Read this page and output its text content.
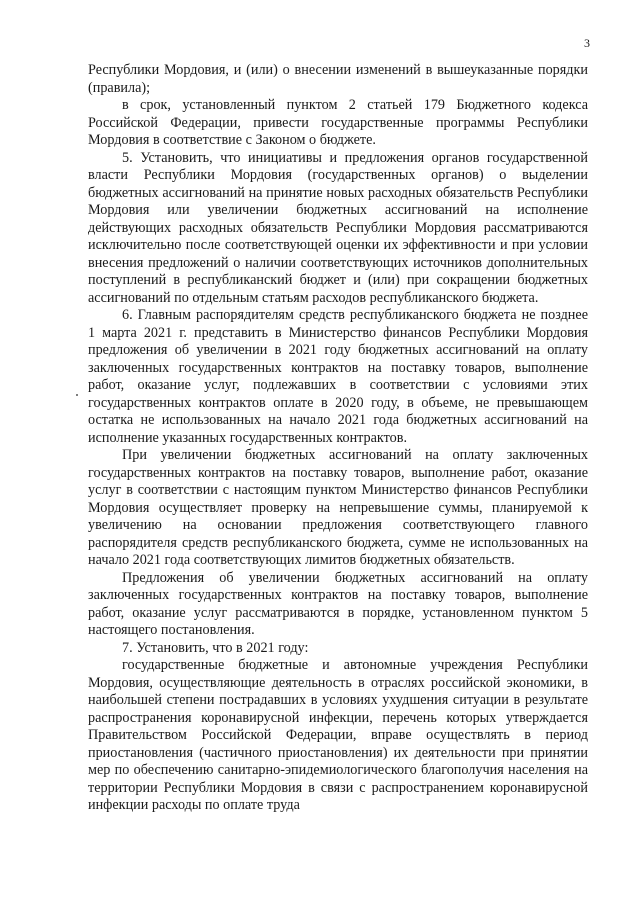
3

Республики Мордовия, и (или) о внесении изменений в вышеуказанные порядки (правила);

в срок, установленный пунктом 2 статьей 179 Бюджетного кодекса Российской Федерации, привести государственные программы Республики Мордовия в соответствие с Законом о бюджете.

5. Установить, что инициативы и предложения органов государственной власти Республики Мордовия (государственных органов) о выделении бюджетных ассигнований на принятие новых расходных обязательств Республики Мордовия или увеличении бюджетных ассигнований на исполнение действующих расходных обязательств Республики Мордовия рассматриваются исключительно после соответствующей оценки их эффективности и при условии внесения предложений о наличии соответствующих источников дополнительных поступлений в республиканский бюджет и (или) при сокращении бюджетных ассигнований по отдельным статьям расходов республиканского бюджета.

6. Главным распорядителям средств республиканского бюджета не позднее 1 марта 2021 г. представить в Министерство финансов Республики Мордовия предложения об увеличении в 2021 году бюджетных ассигнований на оплату заключенных государственных контрактов на поставку товаров, выполнение работ, оказание услуг, подлежавших в соответствии с условиями этих государственных контрактов оплате в 2020 году, в объеме, не превышающем остатка не использованных на начало 2021 года бюджетных ассигнований на исполнение указанных государственных контрактов.

При увеличении бюджетных ассигнований на оплату заключенных государственных контрактов на поставку товаров, выполнение работ, оказание услуг в соответствии с настоящим пунктом Министерство финансов Республики Мордовия осуществляет проверку на непревышение суммы, планируемой к увеличению на основании предложения соответствующего главного распорядителя средств республиканского бюджета, сумме не использованных на начало 2021 года соответствующих лимитов бюджетных обязательств.

Предложения об увеличении бюджетных ассигнований на оплату заключенных государственных контрактов на поставку товаров, выполнение работ, оказание услуг рассматриваются в порядке, установленном пунктом 5 настоящего постановления.

7. Установить, что в 2021 году:

государственные бюджетные и автономные учреждения Республики Мордовия, осуществляющие деятельность в отраслях российской экономики, в наибольшей степени пострадавших в условиях ухудшения ситуации в результате распространения коронавирусной инфекции, перечень которых утверждается Правительством Российской Федерации, вправе осуществлять в период приостановления (частичного приостановления) их деятельности при принятии мер по обеспечению санитарно-эпидемиологического благополучия населения на территории Республики Мордовия в связи с распространением коронавирусной инфекции расходы по оплате труда
